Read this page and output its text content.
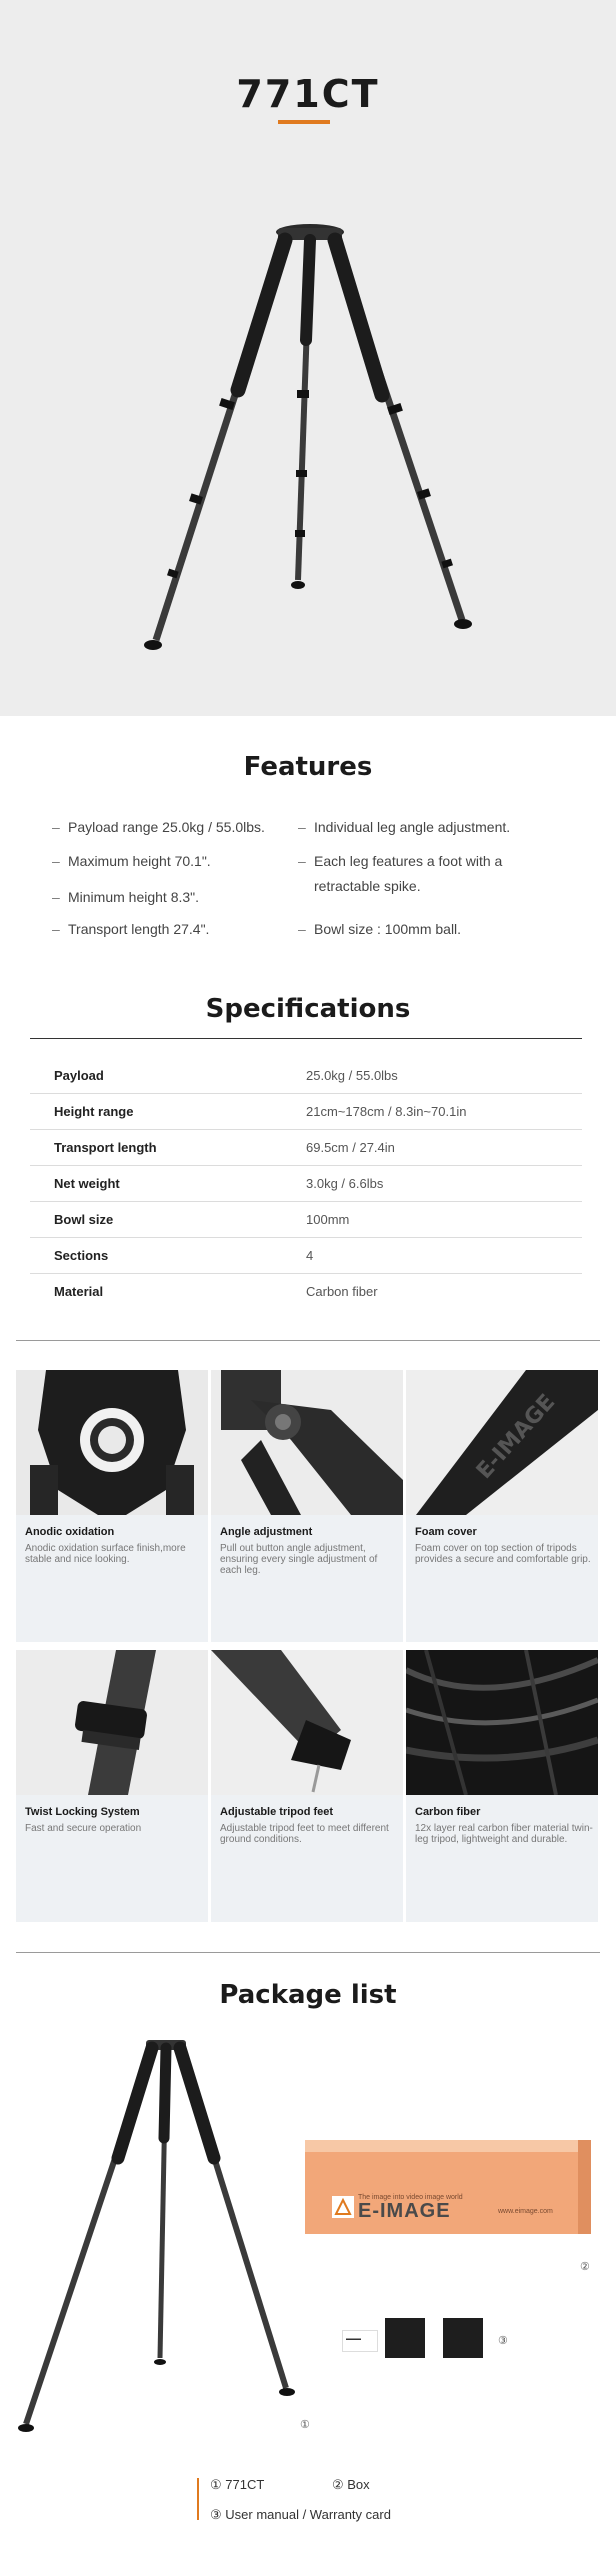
771CT
Features
– Payload range 25.0kg / 55.0lbs.
– Maximum height 70.1".
– Minimum height 8.3".
– Transport length 27.4".
– Individual leg angle adjustment.
– Each leg features a foot with a
retractable spike.
– Bowl size : 100mm ball.
Specifications
Payload	25.0kg / 55.0lbs
Height range	21cm~178cm / 8.3in~70.1in
Transport length	69.5cm / 27.4in
Net weight	3.0kg / 6.6lbs
Bowl size	100mm
Sections	4
Material	Carbon fiber
Anodic oxidation
Anodic oxidation surface finish,more stable and nice looking.
Angle adjustment
Pull out button angle adjustment, ensuring every single adjustment of each leg.
E-IMAGE
Foam cover
Foam cover on top section of tripods provides a secure and comfortable grip.
Twist Locking System
Fast and secure operation
Adjustable tripod feet
Adjustable tripod feet to meet different ground conditions.
Carbon fiber
12x layer real carbon fiber material twin-leg tripod, lightweight and durable.
Package list
①
The image into video image world
E-IMAGE	www.eimage.com
②
▬▬▬	③
① 771CT	② Box
③ User manual / Warranty card
